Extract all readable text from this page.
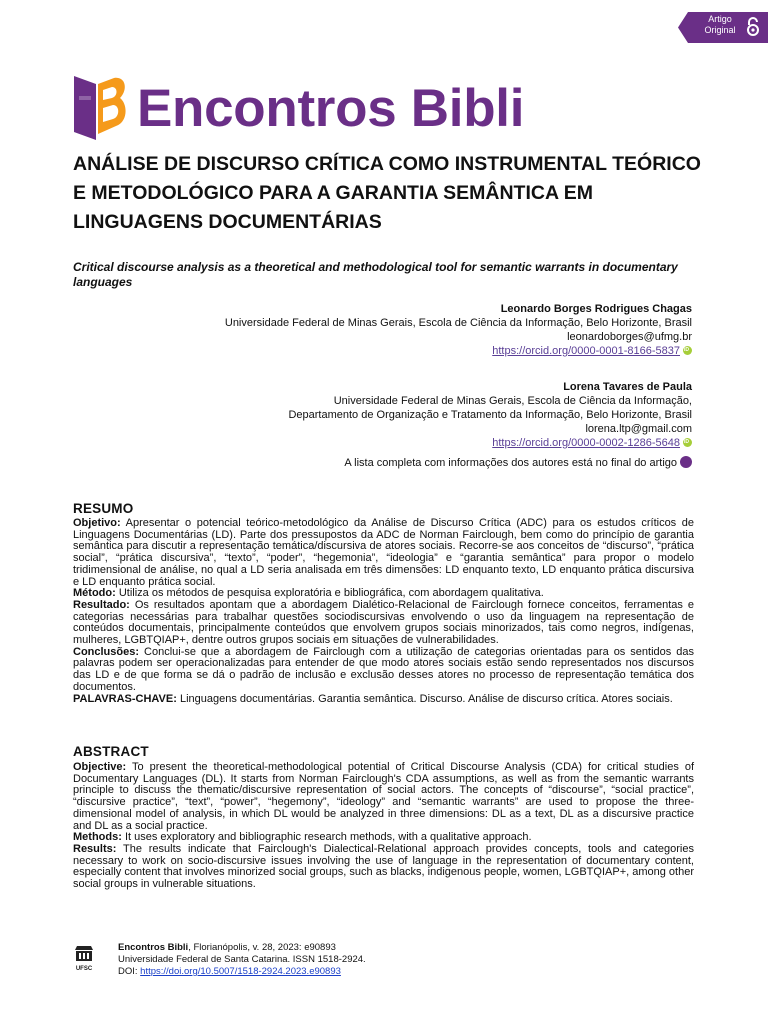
Artigo
Original
Encontros Bibli
ANÁLISE DE DISCURSO CRÍTICA COMO INSTRUMENTAL TEÓRICO E METODOLÓGICO PARA A GARANTIA SEMÂNTICA EM LINGUAGENS DOCUMENTÁRIAS
Critical discourse analysis as a theoretical and methodological tool for semantic warrants in documentary languages
Leonardo Borges Rodrigues Chagas
Universidade Federal de Minas Gerais, Escola de Ciência da Informação, Belo Horizonte, Brasil
leonardoborges@ufmg.br
https://orcid.org/0000-0001-8166-5837iD
Lorena Tavares de Paula
Universidade Federal de Minas Gerais, Escola de Ciência da Informação,
Departamento de Organização e Tratamento da Informação, Belo Horizonte, Brasil
lorena.ltp@gmail.com
https://orcid.org/0000-0002-1286-5648iD
A lista completa com informações dos autores está no final do artigo
RESUMO

Objetivo: Apresentar o potencial teórico-metodológico da Análise de Discurso Crítica (ADC) para os estudos críticos de Linguagens Documentárias (LD). Parte dos pressupostos da ADC de Norman Fairclough, bem como do princípio de garantia semântica para discutir a representação temática/discursiva de atores sociais. Recorre-se aos conceitos de “discurso”, “prática social”, “prática discursiva”, “texto”, “poder”, “hegemonia”, “ideologia” e “garantia semântica” para propor o modelo tridimensional de análise, no qual a LD seria analisada em três dimensões: LD enquanto texto, LD enquanto prática discursiva e LD enquanto prática social.

Método: Utiliza os métodos de pesquisa exploratória e bibliográfica, com abordagem qualitativa.

Resultado: Os resultados apontam que a abordagem Dialético-Relacional de Fairclough fornece conceitos, ferramentas e categorias necessárias para trabalhar questões sociodiscursivas envolvendo o uso da linguagem na representação de conteúdos documentais, principalmente conteúdos que envolvem grupos sociais minorizados, tais como negros, indígenas, mulheres, LGBTQIAP+, dentre outros grupos sociais em situações de vulnerabilidades.

Conclusões: Conclui-se que a abordagem de Fairclough com a utilização de categorias orientadas para os sentidos das palavras podem ser operacionalizadas para entender de que modo atores sociais estão sendo representados nos discursos das LD e de que forma se dá o padrão de inclusão e exclusão desses atores no processo de representação temática dos documentos.

PALAVRAS-CHAVE: Linguagens documentárias. Garantia semântica. Discurso. Análise de discurso crítica. Atores sociais.

ABSTRACT

Objective: To present the theoretical-methodological potential of Critical Discourse Analysis (CDA) for critical studies of Documentary Languages (DL). It starts from Norman Fairclough's CDA assumptions, as well as from the semantic warrants principle to discuss the thematic/discursive representation of social actors. The concepts of “discourse”, “social practice”, “discursive practice”, “text”, “power”, “hegemony”, “ideology” and “semantic warrants” are used to propose the three-dimensional model of analysis, in which DL would be analyzed in three dimensions: DL as a text, DL as a discursive practice and DL as a social practice.

Methods: It uses exploratory and bibliographic research methods, with a qualitative approach.

Results: The results indicate that Fairclough's Dialectical-Relational approach provides concepts, tools and categories necessary to work on socio-discursive issues involving the use of language in the representation of documentary content, especially content that involves minorized social groups, such as blacks, indigenous people, women, LGBTQIAP+, among other social groups in vulnerable situations.

UFSC
Encontros Bibli, Florianópolis, v. 28, 2023: e90893
Universidade Federal de Santa Catarina. ISSN 1518-2924.
DOI: https://doi.org/10.5007/1518-2924.2023.e90893
